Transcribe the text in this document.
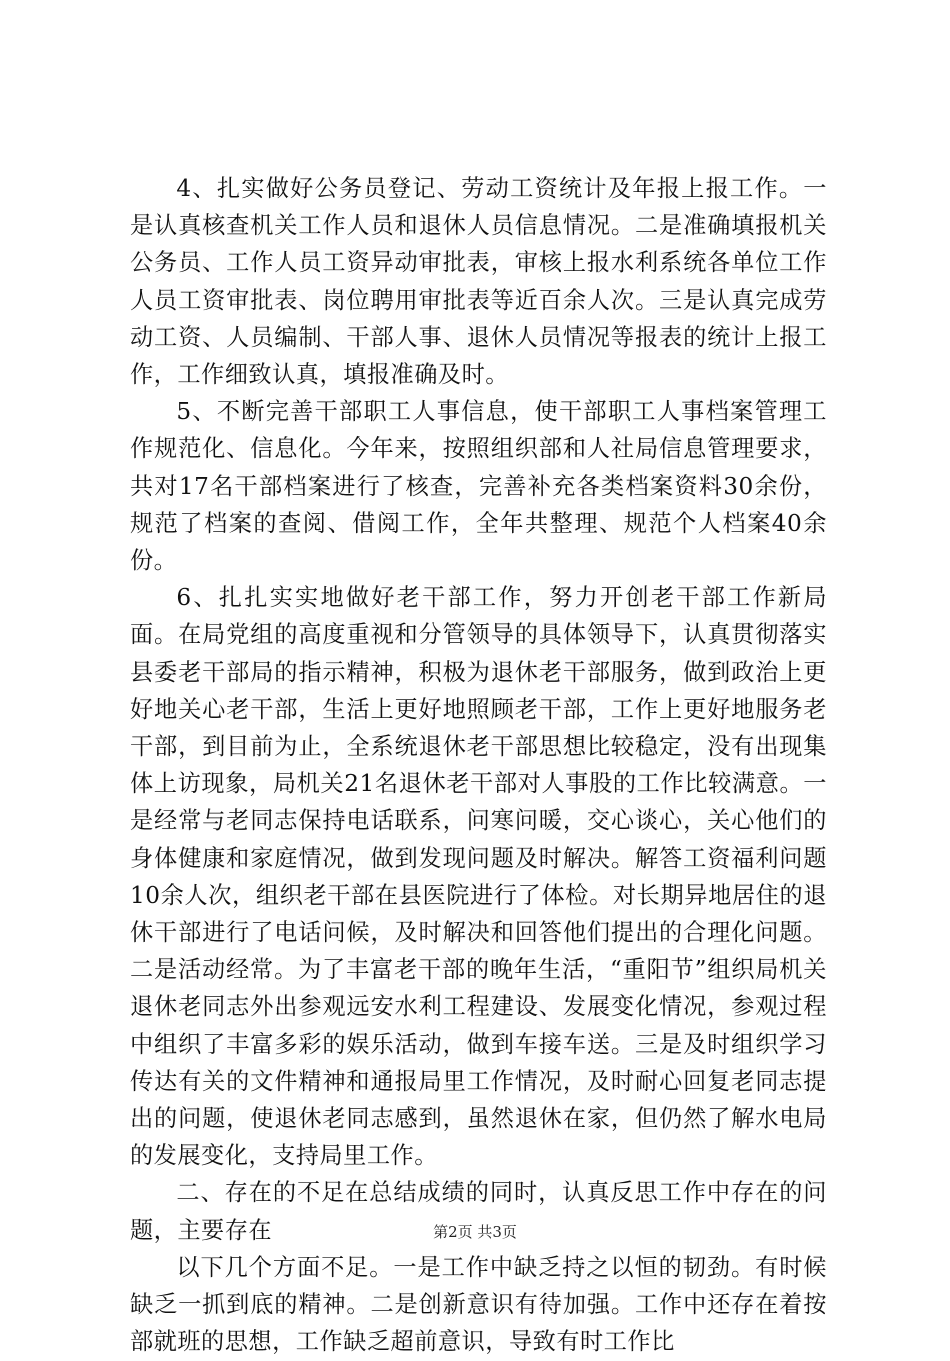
4、扎实做好公务员登记、劳动工资统计及年报上报工作。一是认真核查机关工作人员和退休人员信息情况。二是准确填报机关公务员、工作人员工资异动审批表，审核上报水利系统各单位工作人员工资审批表、岗位聘用审批表等近百余人次。三是认真完成劳动工资、人员编制、干部人事、退休人员情况等报表的统计上报工作，工作细致认真，填报准确及时。

5、不断完善干部职工人事信息，使干部职工人事档案管理工作规范化、信息化。今年来，按照组织部和人社局信息管理要求，共对17名干部档案进行了核查，完善补充各类档案资料30余份，规范了档案的查阅、借阅工作，全年共整理、规范个人档案40余份。

6、扎扎实实地做好老干部工作，努力开创老干部工作新局面。在局党组的高度重视和分管领导的具体领导下，认真贯彻落实县委老干部局的指示精神，积极为退休老干部服务，做到政治上更好地关心老干部，生活上更好地照顾老干部，工作上更好地服务老干部，到目前为止，全系统退休老干部思想比较稳定，没有出现集体上访现象，局机关21名退休老干部对人事股的工作比较满意。一是经常与老同志保持电话联系，问寒问暖，交心谈心，关心他们的身体健康和家庭情况，做到发现问题及时解决。解答工资福利问题10余人次，组织老干部在县医院进行了体检。对长期异地居住的退休干部进行了电话问候，及时解决和回答他们提出的合理化问题。二是活动经常。为了丰富老干部的晚年生活，“重阳节”组织局机关退休老同志外出参观远安水利工程建设、发展变化情况，参观过程中组织了丰富多彩的娱乐活动，做到车接车送。三是及时组织学习传达有关的文件精神和通报局里工作情况，及时耐心回复老同志提出的问题，使退休老同志感到，虽然退休在家，但仍然了解水电局的发展变化，支持局里工作。

二、存在的不足在总结成绩的同时，认真反思工作中存在的问题，主要存在

以下几个方面不足。一是工作中缺乏持之以恒的韧劲。有时候缺乏一抓到底的精神。二是创新意识有待加强。工作中还存在着按部就班的思想，工作缺乏超前意识，导致有时工作比

第2页 共3页
